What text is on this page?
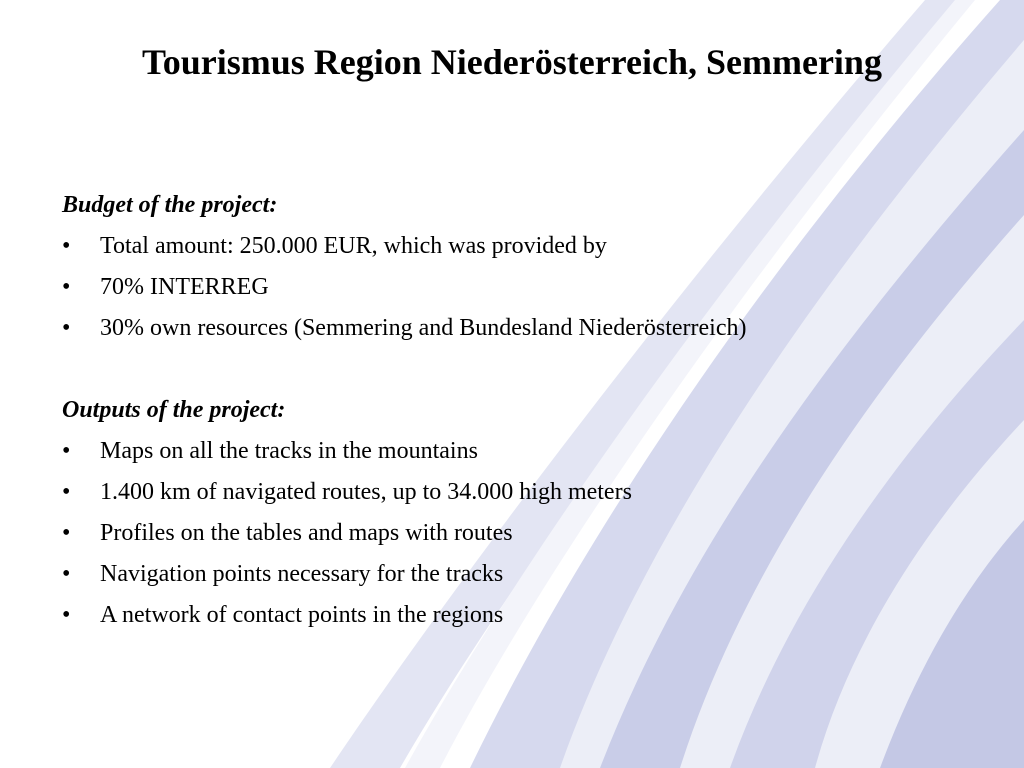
Tourismus Region Niederösterreich, Semmering
Budget of the project:
• Total amount: 250.000 EUR, which was provided by
• 70% INTERREG
• 30% own resources (Semmering and Bundesland Niederösterreich)
Outputs of the project:
• Maps on all the tracks in the mountains
• 1.400 km of navigated routes, up to 34.000 high meters
• Profiles on the tables and maps with routes
• Navigation points necessary for the tracks
• A network of contact points in the regions
